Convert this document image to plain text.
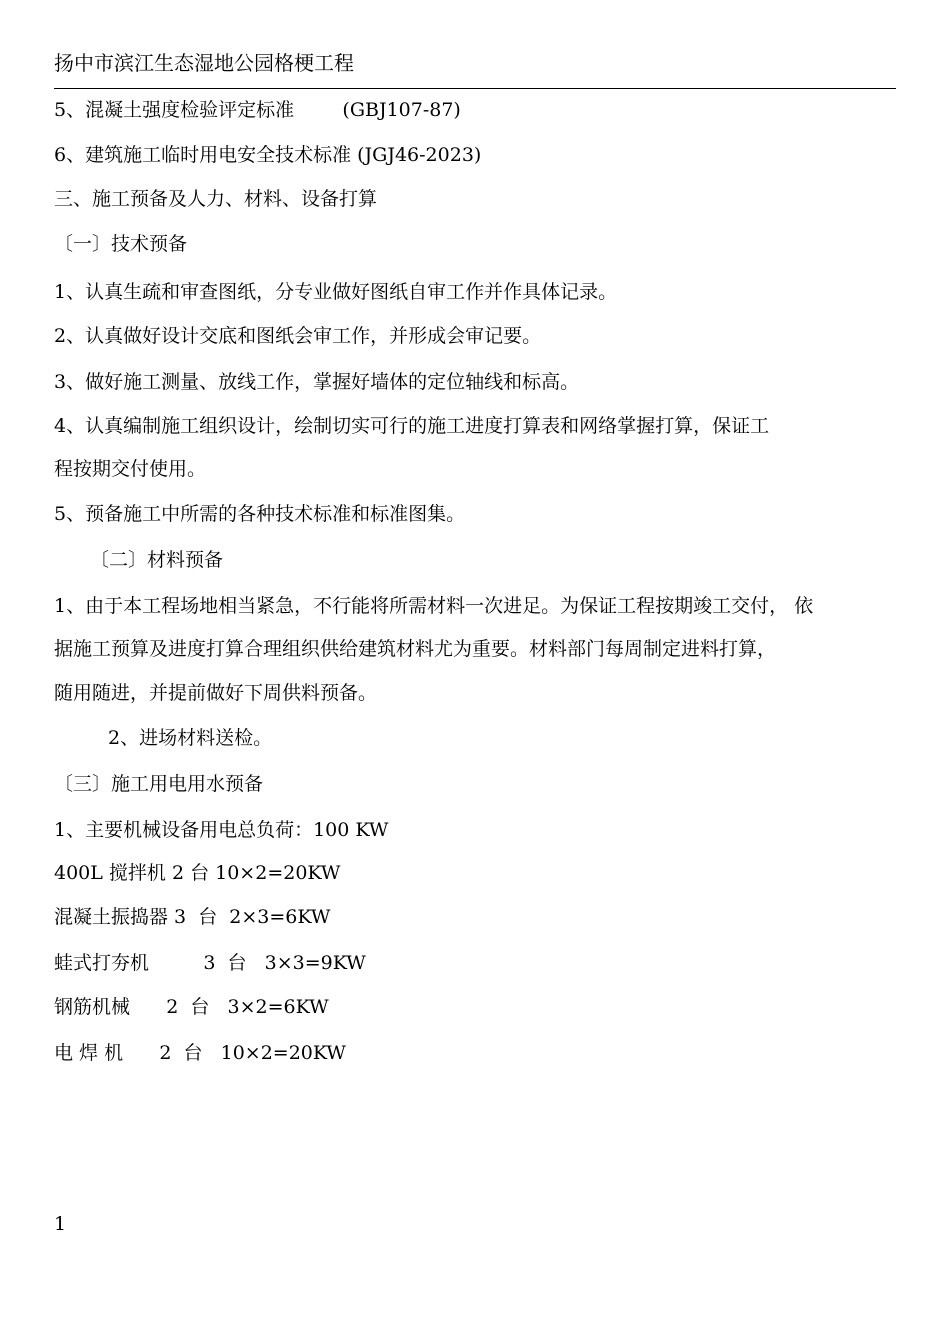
扬中市滨江生态湿地公园格梗工程
5、混凝土强度检验评定标准        (GBJ107-87)
6、建筑施工临时用电安全技术标准 (JGJ46-2023)
三、施工预备及人力、材料、设备打算
〔一〕技术预备
1、认真生疏和审查图纸，分专业做好图纸自审工作并作具体记录。
2、认真做好设计交底和图纸会审工作，并形成会审记要。
3、做好施工测量、放线工作，掌握好墙体的定位轴线和标高。
4、认真编制施工组织设计，绘制切实可行的施工进度打算表和网络掌握打算，保证工
程按期交付使用。
5、预备施工中所需的各种技术标准和标准图集。
〔二〕材料预备
1、由于本工程场地相当紧急，不行能将所需材料一次进足。为保证工程按期竣工交付， 依
据施工预算及进度打算合理组织供给建筑材料尤为重要。材料部门每周制定进料打算，
随用随进，并提前做好下周供料预备。
2、进场材料送检。
〔三〕施工用电用水预备
1、主要机械设备用电总负荷：100 KW
400L 搅拌机 2 台 10×2=20KW
混凝土振捣器 3  台  2×3=6KW
蛙式打夯机         3  台   3×3=9KW
钢筋机械      2  台   3×2=6KW
电 焊 机      2  台   10×2=20KW
1
